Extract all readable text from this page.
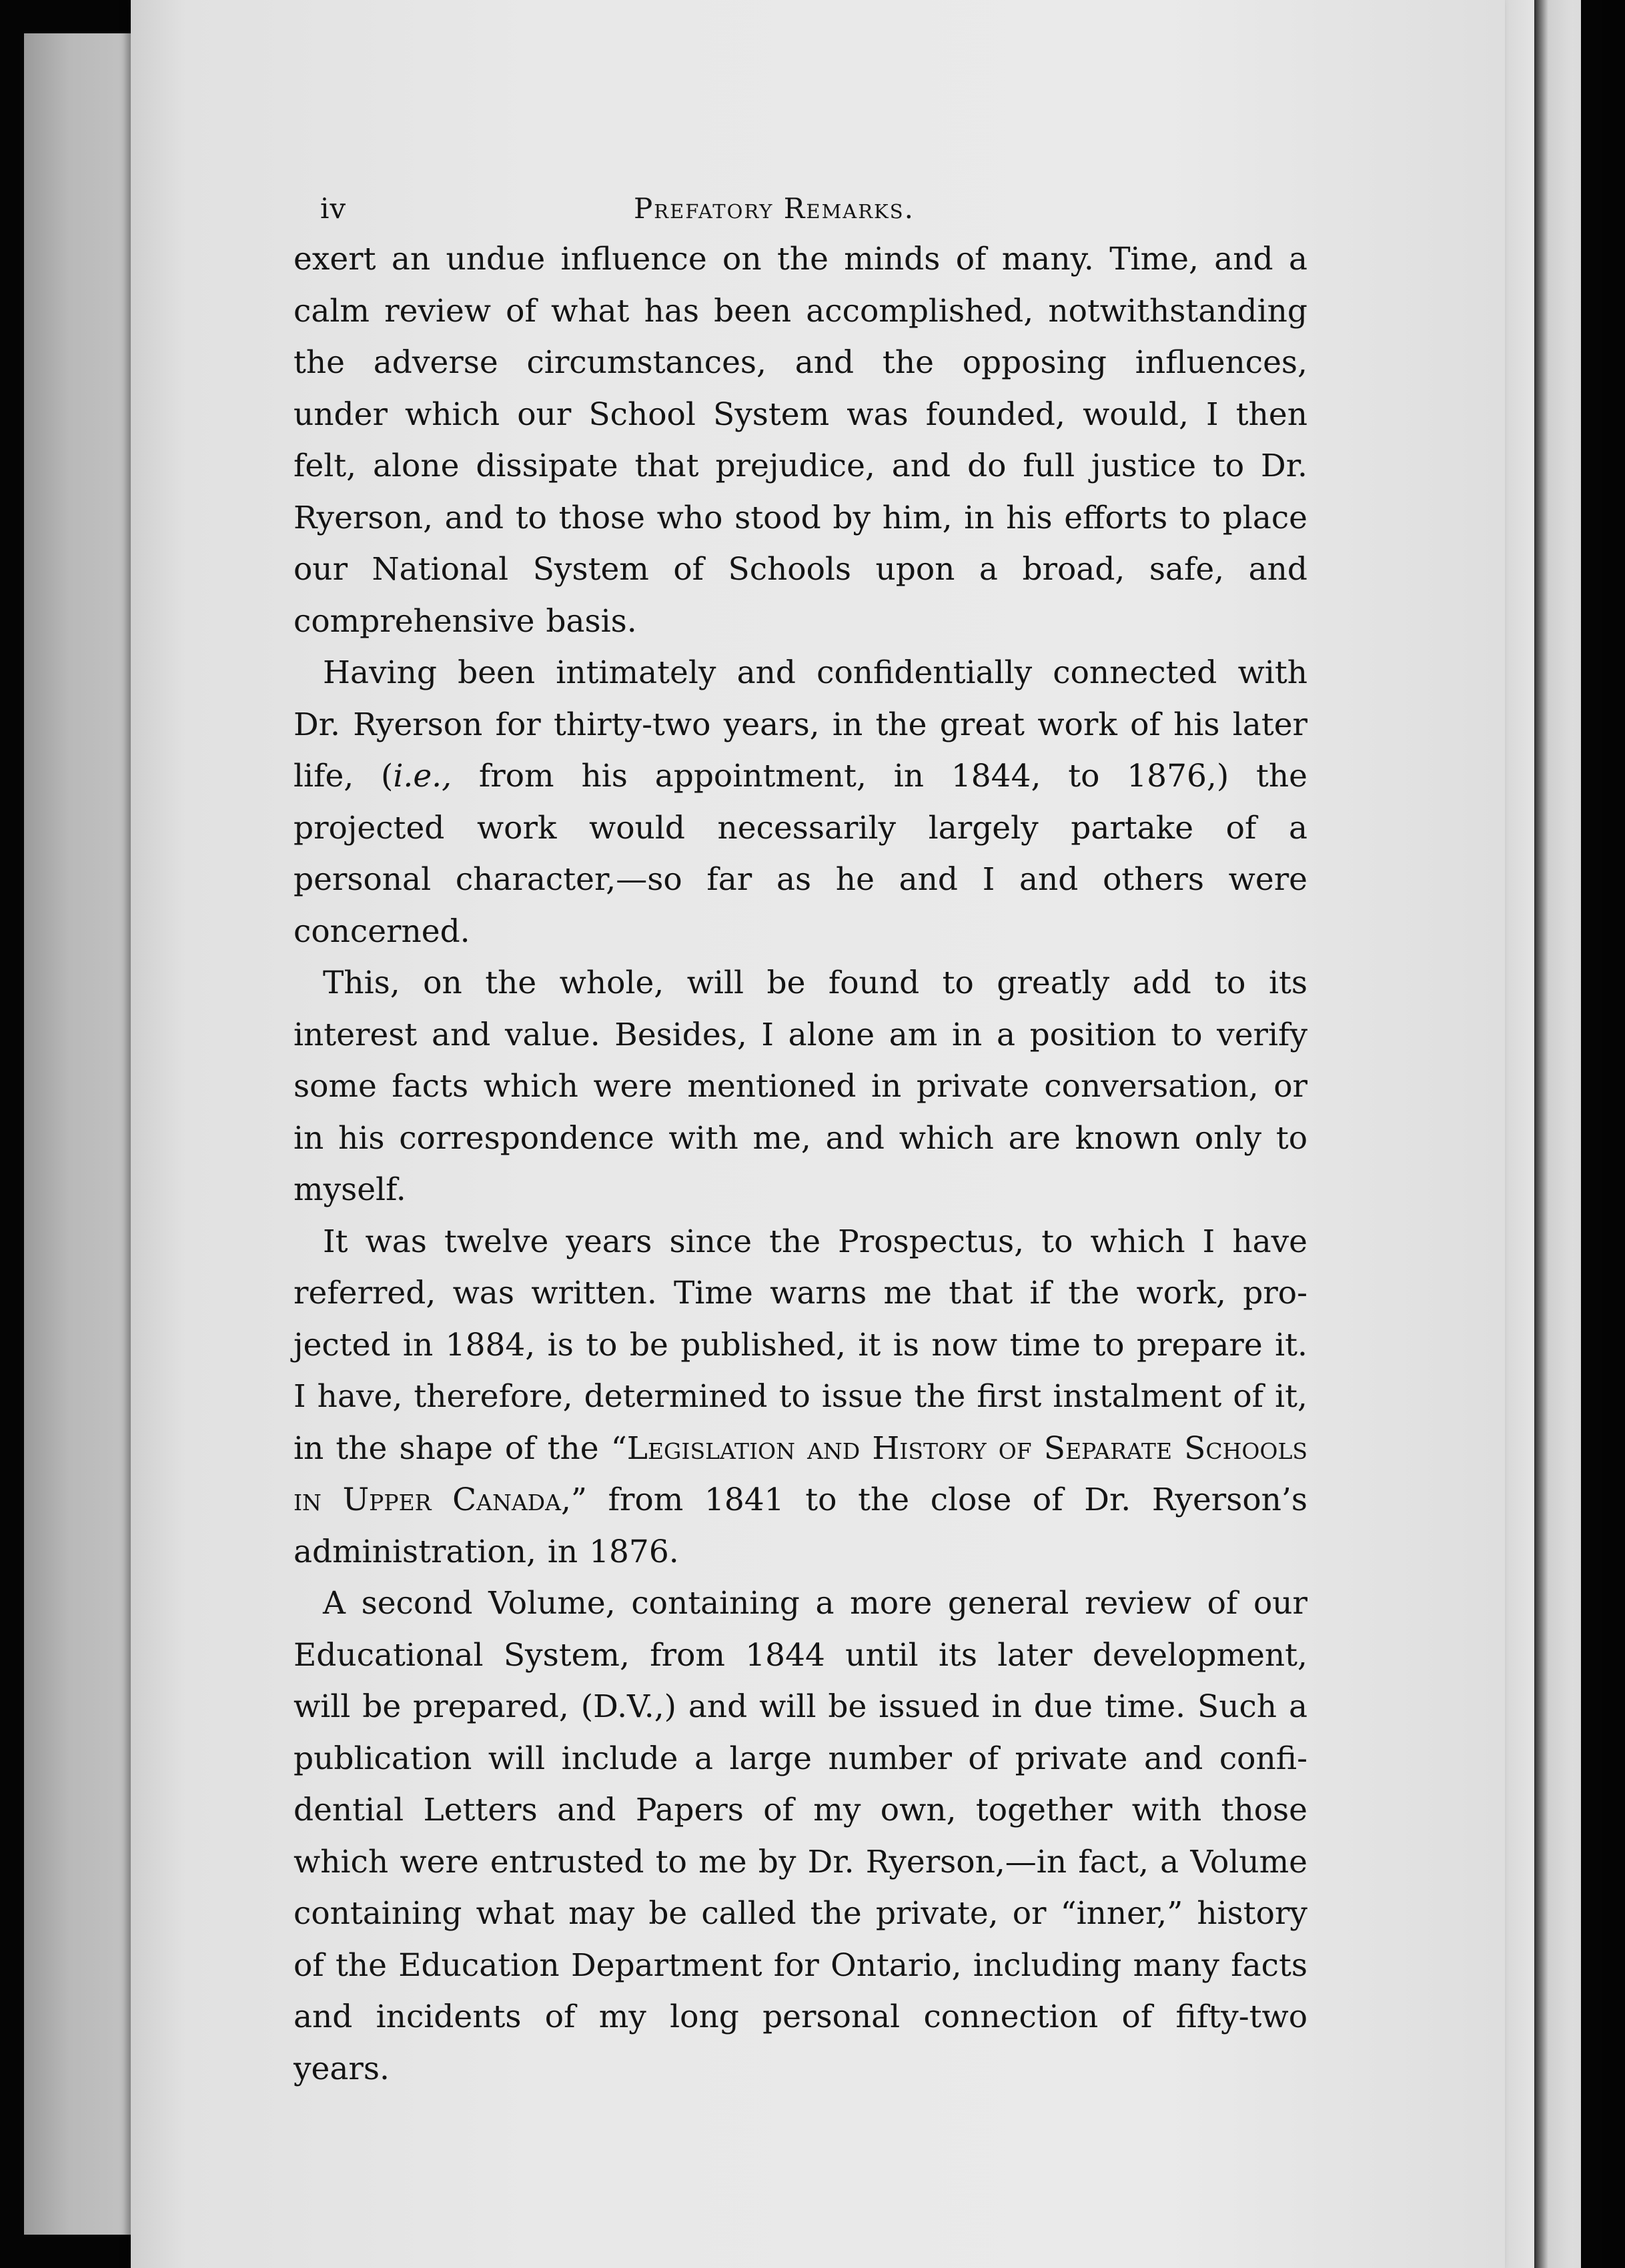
iv	Prefatory Remarks.

exert an undue influence on the minds of many. Time, and a calm review of what has been accomplished, notwithstanding the adverse circumstances, and the opposing influences, under which our School System was founded, would, I then felt, alone dissipate that prejudice, and do full justice to Dr. Ryerson, and to those who stood by him, in his efforts to place our National System of Schools upon a broad, safe, and comprehensive basis.

Having been intimately and confidentially connected with Dr. Ryerson for thirty-two years, in the great work of his later life, (i.e., from his appointment, in 1844, to 1876,) the projected work would necessarily largely partake of a personal character,—so far as he and I and others were concerned.

This, on the whole, will be found to greatly add to its interest and value. Besides, I alone am in a position to verify some facts which were mentioned in private conversation, or in his correspondence with me, and which are known only to myself.

It was twelve years since the Prospectus, to which I have referred, was written. Time warns me that if the work, projected in 1884, is to be published, it is now time to prepare it. I have, therefore, determined to issue the first instalment of it, in the shape of the “Legislation and History of Separate Schools in Upper Canada,” from 1841 to the close of Dr. Ryerson’s administration, in 1876.

A second Volume, containing a more general review of our Educational System, from 1844 until its later development, will be prepared, (D.V.,) and will be issued in due time. Such a publication will include a large number of private and confidential Letters and Papers of my own, together with those which were entrusted to me by Dr. Ryerson,—in fact, a Volume containing what may be called the private, or “inner,” history of the Education Department for Ontario, including many facts and incidents of my long personal connection of fifty-two years.
